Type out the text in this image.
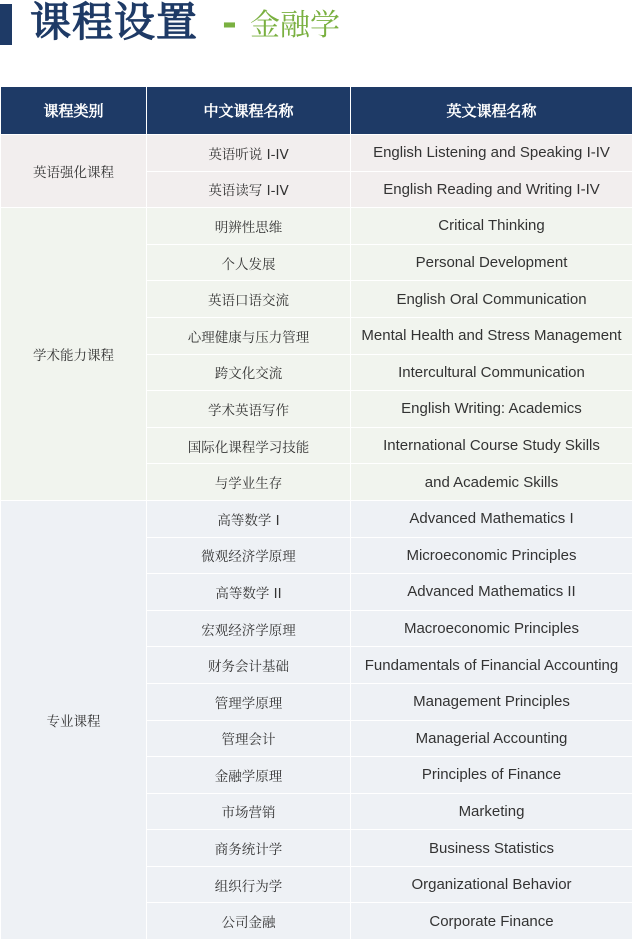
课程设置 - 金融学
课程类别	中文课程名称	英文课程名称
英语强化课程	英语听说 I-IV	English Listening and Speaking I-IV
	英语读写 I-IV	English Reading and Writing I-IV
学术能力课程	明辨性思维	Critical Thinking
	个人发展	Personal Development
	英语口语交流	English Oral Communication
	心理健康与压力管理	Mental Health and Stress Management
	跨文化交流	Intercultural Communication
	学术英语写作	English Writing: Academics
	国际化课程学习技能	International Course Study Skills
	与学业生存	and Academic Skills
专业课程	高等数学 I	Advanced Mathematics I
	微观经济学原理	Microeconomic Principles
	高等数学 II	Advanced Mathematics II
	宏观经济学原理	Macroeconomic Principles
	财务会计基础	Fundamentals of Financial Accounting
	管理学原理	Management Principles
	管理会计	Managerial Accounting
	金融学原理	Principles of Finance
	市场营销	Marketing
	商务统计学	Business Statistics
	组织行为学	Organizational Behavior
	公司金融	Corporate Finance
